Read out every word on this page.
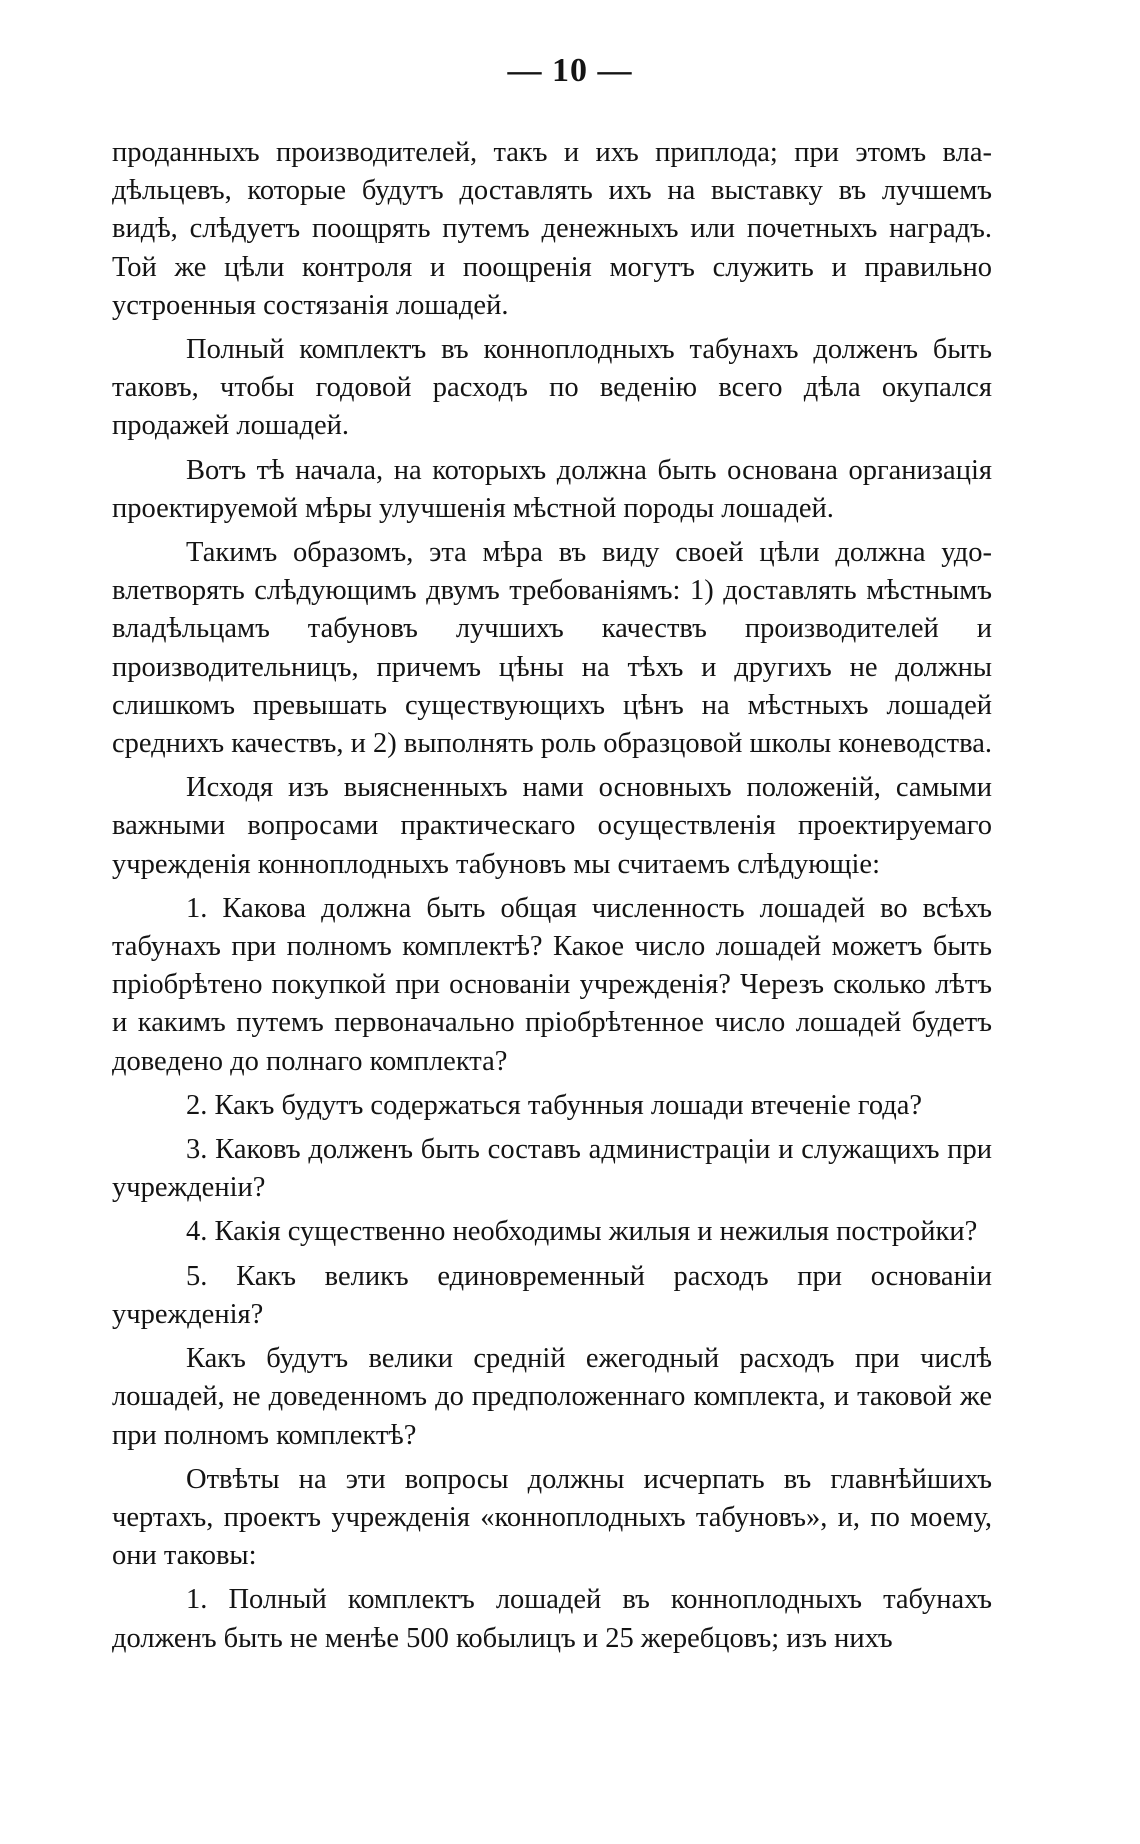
— 10 —

проданныхъ производителей, такъ и ихъ приплода; при этомъ владѣльцевъ, которые будутъ доставлять ихъ на выставку въ лучшемъ видѣ, слѣдуетъ поощрять путемъ денежныхъ или почетныхъ наградъ. Той же цѣли контроля и поощренія могутъ служить и правильно устроенныя состязанія лошадей.

Полный комплектъ въ конноплодныхъ табунахъ долженъ быть таковъ, чтобы годовой расходъ по веденію всего дѣла окупался продажей лошадей.

Вотъ тѣ начала, на которыхъ должна быть основана организація проектируемой мѣры улучшенія мѣстной породы лошадей.

Такимъ образомъ, эта мѣра въ виду своей цѣли должна удовлетворять слѣдующимъ двумъ требованіямъ: 1) доставлять мѣстнымъ владѣльцамъ табуновъ лучшихъ качествъ производителей и производительницъ, причемъ цѣны на тѣхъ и другихъ не должны слишкомъ превышать существующихъ цѣнъ на мѣстныхъ лошадей среднихъ качествъ, и 2) выполнять роль образцовой школы коневодства.

Исходя изъ выясненныхъ нами основныхъ положеній, самыми важными вопросами практическаго осуществленія проектируемаго учрежденія конноплодныхъ табуновъ мы считаемъ слѣдующіе:

1. Какова должна быть общая численность лошадей во всѣхъ табунахъ при полномъ комплектѣ? Какое число лошадей можетъ быть пріобрѣтено покупкой при основаніи учрежденія? Черезъ сколько лѣтъ и какимъ путемъ первоначально пріобрѣтенное число лошадей будетъ доведено до полнаго комплекта?

2. Какъ будутъ содержаться табунныя лошади втеченіе года?

3. Каковъ долженъ быть составъ администраціи и служащихъ при учрежденіи?

4. Какія существенно необходимы жилыя и нежилыя постройки?

5. Какъ великъ единовременный расходъ при основаніи учрежденія?

Какъ будутъ велики средній ежегодный расходъ при числѣ лошадей, не доведенномъ до предположеннаго комплекта, и таковой же при полномъ комплектѣ?

Отвѣты на эти вопросы должны исчерпать въ главнѣйшихъ чертахъ, проектъ учрежденія «конноплодныхъ табуновъ», и, по моему, они таковы:

1. Полный комплектъ лошадей въ конноплодныхъ табунахъ долженъ быть не менѣе 500 кобылицъ и 25 жеребцовъ; изъ нихъ
